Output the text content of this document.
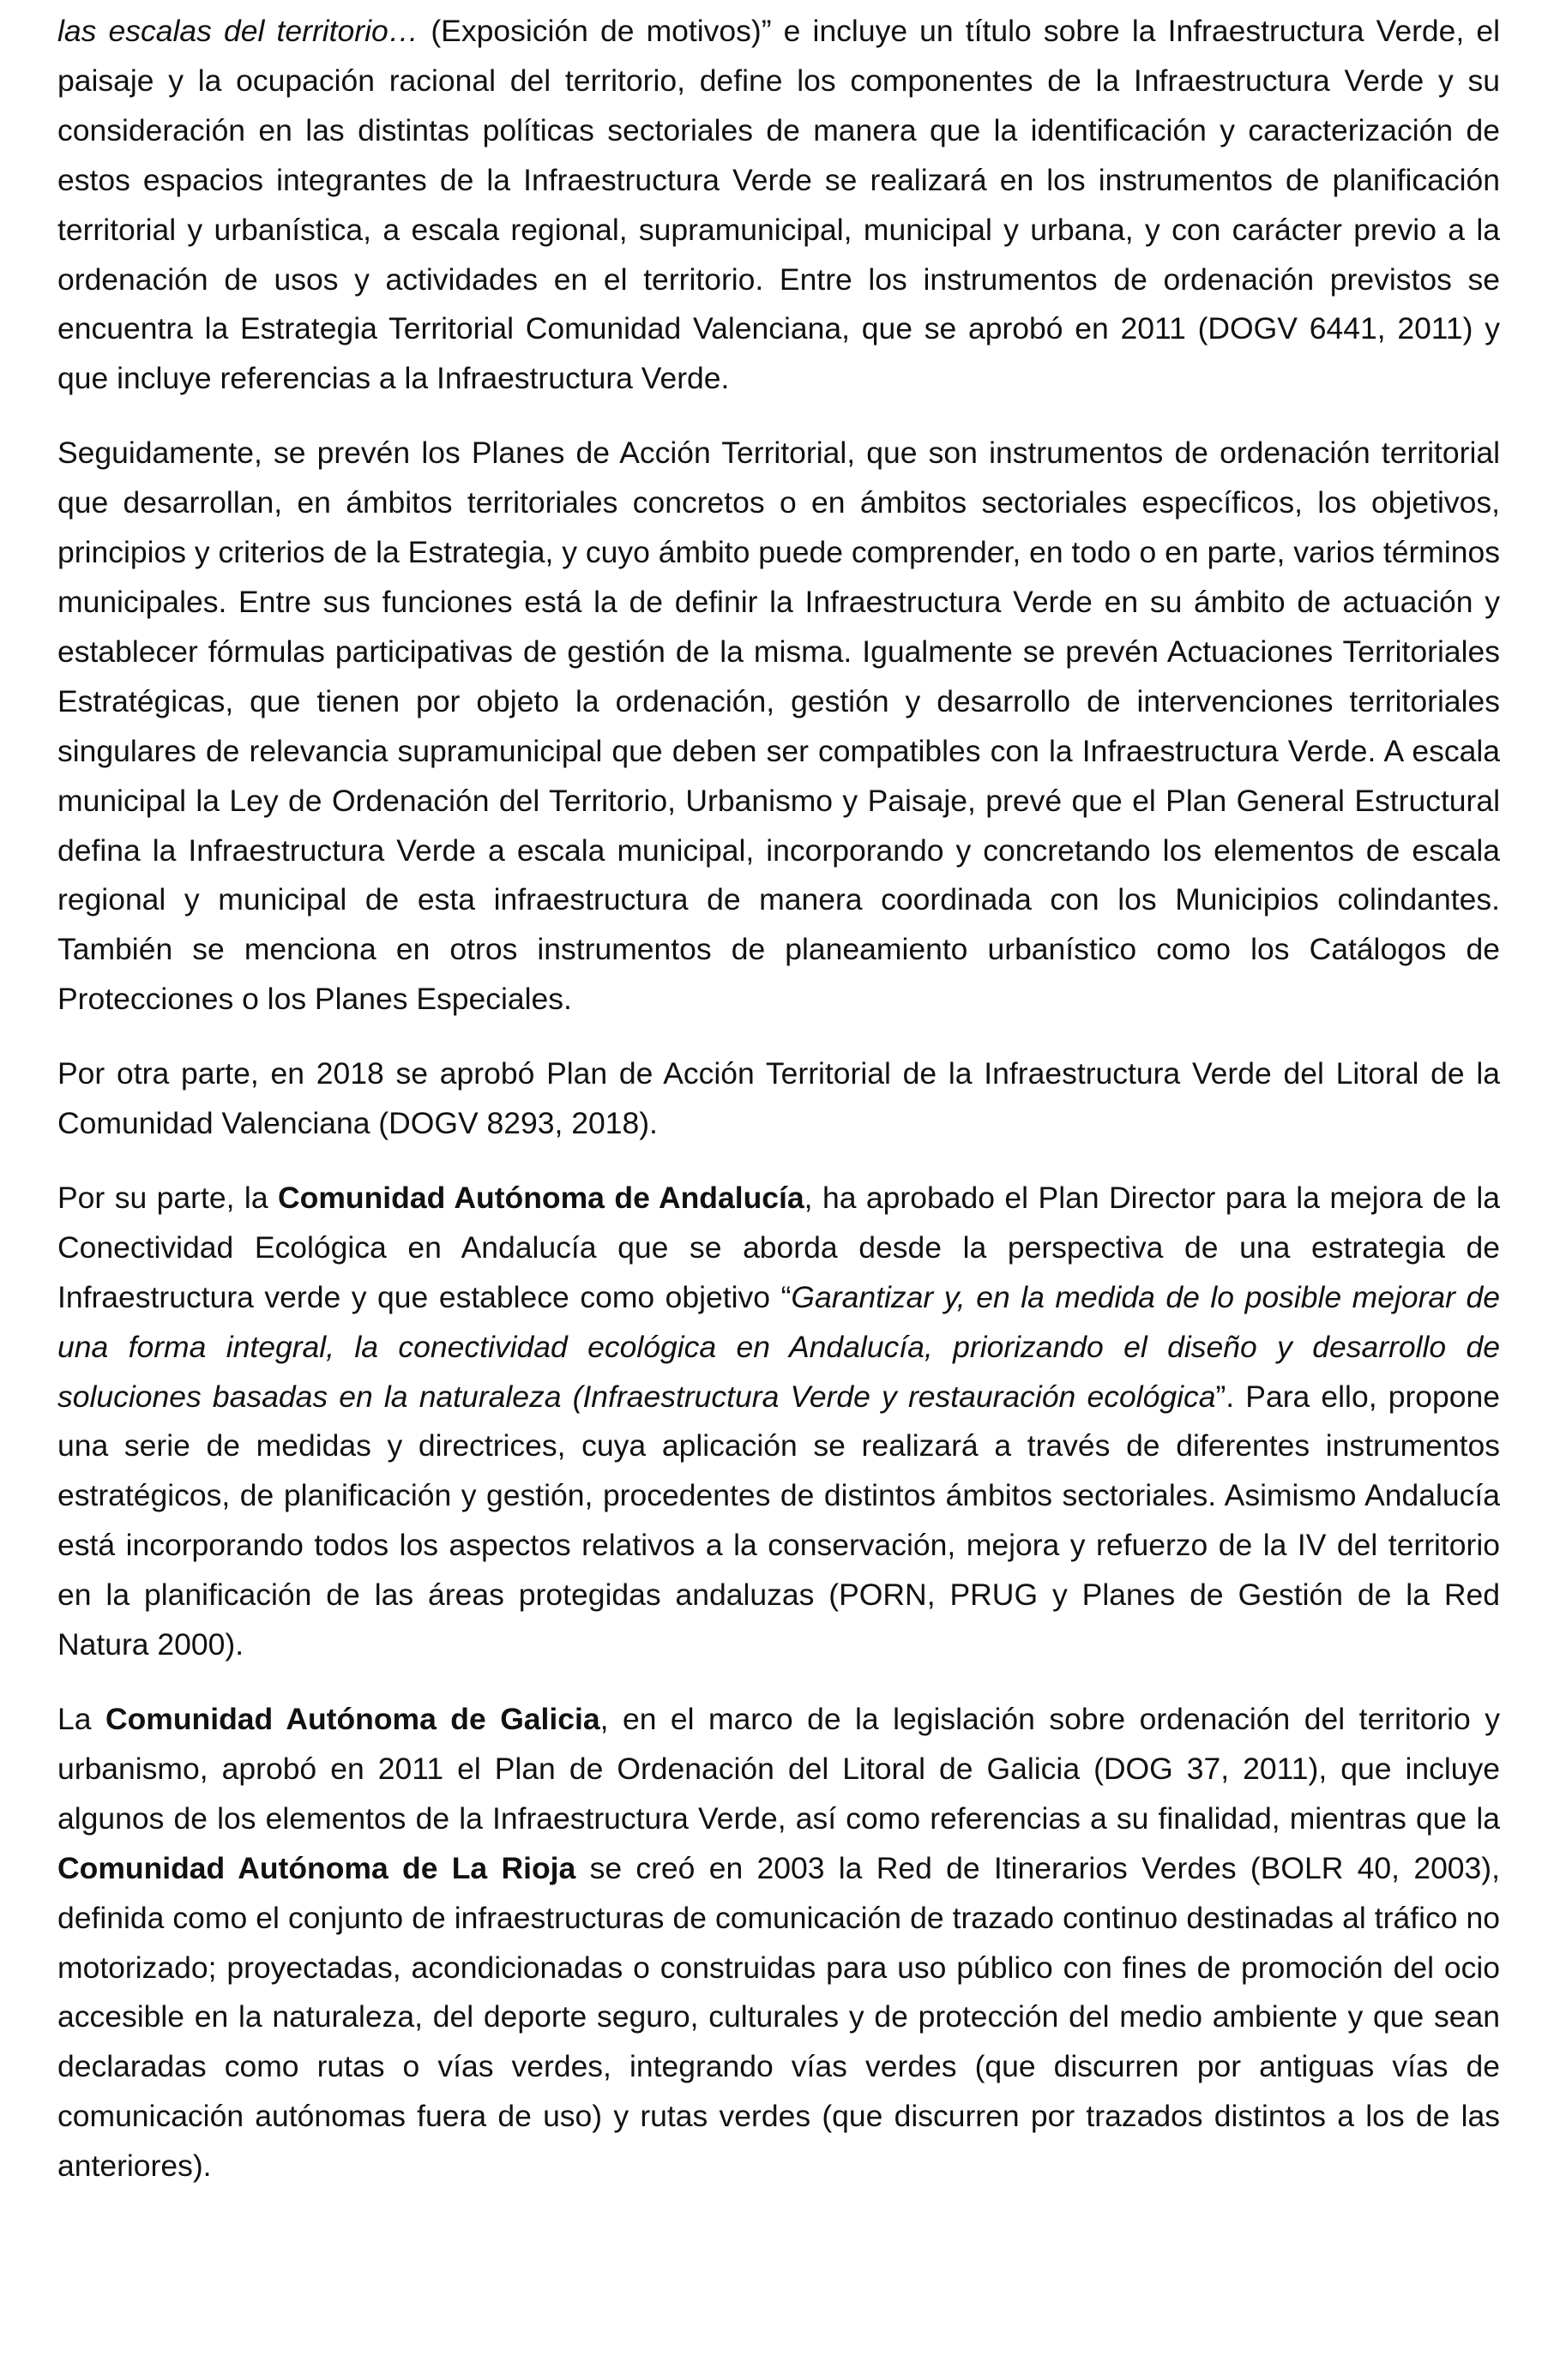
las escalas del territorio… (Exposición de motivos)” e incluye un título sobre la Infraestructura Verde, el paisaje y la ocupación racional del territorio, define los componentes de la Infraestructura Verde y su consideración en las distintas políticas sectoriales de manera que la identificación y caracterización de estos espacios integrantes de la Infraestructura Verde se realizará en los instrumentos de planificación territorial y urbanística, a escala regional, supramunicipal, municipal y urbana, y con carácter previo a la ordenación de usos y actividades en el territorio. Entre los instrumentos de ordenación previstos se encuentra la Estrategia Territorial Comunidad Valenciana, que se aprobó en 2011 (DOGV 6441, 2011) y que incluye referencias a la Infraestructura Verde.

Seguidamente, se prevén los Planes de Acción Territorial, que son instrumentos de ordenación territorial que desarrollan, en ámbitos territoriales concretos o en ámbitos sectoriales específicos, los objetivos, principios y criterios de la Estrategia, y cuyo ámbito puede comprender, en todo o en parte, varios términos municipales. Entre sus funciones está la de definir la Infraestructura Verde en su ámbito de actuación y establecer fórmulas participativas de gestión de la misma. Igualmente se prevén Actuaciones Territoriales Estratégicas, que tienen por objeto la ordenación, gestión y desarrollo de intervenciones territoriales singulares de relevancia supramunicipal que deben ser compatibles con la Infraestructura Verde. A escala municipal la Ley de Ordenación del Territorio, Urbanismo y Paisaje, prevé que el Plan General Estructural defina la Infraestructura Verde a escala municipal, incorporando y concretando los elementos de escala regional y municipal de esta infraestructura de manera coordinada con los Municipios colindantes. También se menciona en otros instrumentos de planeamiento urbanístico como los Catálogos de Protecciones o los Planes Especiales.

Por otra parte, en 2018 se aprobó Plan de Acción Territorial de la Infraestructura Verde del Litoral de la Comunidad Valenciana (DOGV 8293, 2018).

Por su parte, la Comunidad Autónoma de Andalucía, ha aprobado el Plan Director para la mejora de la Conectividad Ecológica en Andalucía que se aborda desde la perspectiva de una estrategia de Infraestructura verde y que establece como objetivo “Garantizar y, en la medida de lo posible mejorar de una forma integral, la conectividad ecológica en Andalucía, priorizando el diseño y desarrollo de soluciones basadas en la naturaleza (Infraestructura Verde y restauración ecológica”. Para ello, propone una serie de medidas y directrices, cuya aplicación se realizará a través de diferentes instrumentos estratégicos, de planificación y gestión, procedentes de distintos ámbitos sectoriales. Asimismo Andalucía está incorporando todos los aspectos relativos a la conservación, mejora y refuerzo de la IV del territorio en la planificación de las áreas protegidas andaluzas (PORN, PRUG y Planes de Gestión de la Red Natura 2000).

La Comunidad Autónoma de Galicia, en el marco de la legislación sobre ordenación del territorio y urbanismo, aprobó en 2011 el Plan de Ordenación del Litoral de Galicia (DOG 37, 2011), que incluye algunos de los elementos de la Infraestructura Verde, así como referencias a su finalidad, mientras que la Comunidad Autónoma de La Rioja se creó en 2003 la Red de Itinerarios Verdes (BOLR 40, 2003), definida como el conjunto de infraestructuras de comunicación de trazado continuo destinadas al tráfico no motorizado; proyectadas, acondicionadas o construidas para uso público con fines de promoción del ocio accesible en la naturaleza, del deporte seguro, culturales y de protección del medio ambiente y que sean declaradas como rutas o vías verdes, integrando vías verdes (que discurren por antiguas vías de comunicación autónomas fuera de uso) y rutas verdes (que discurren por trazados distintos a los de las anteriores).
